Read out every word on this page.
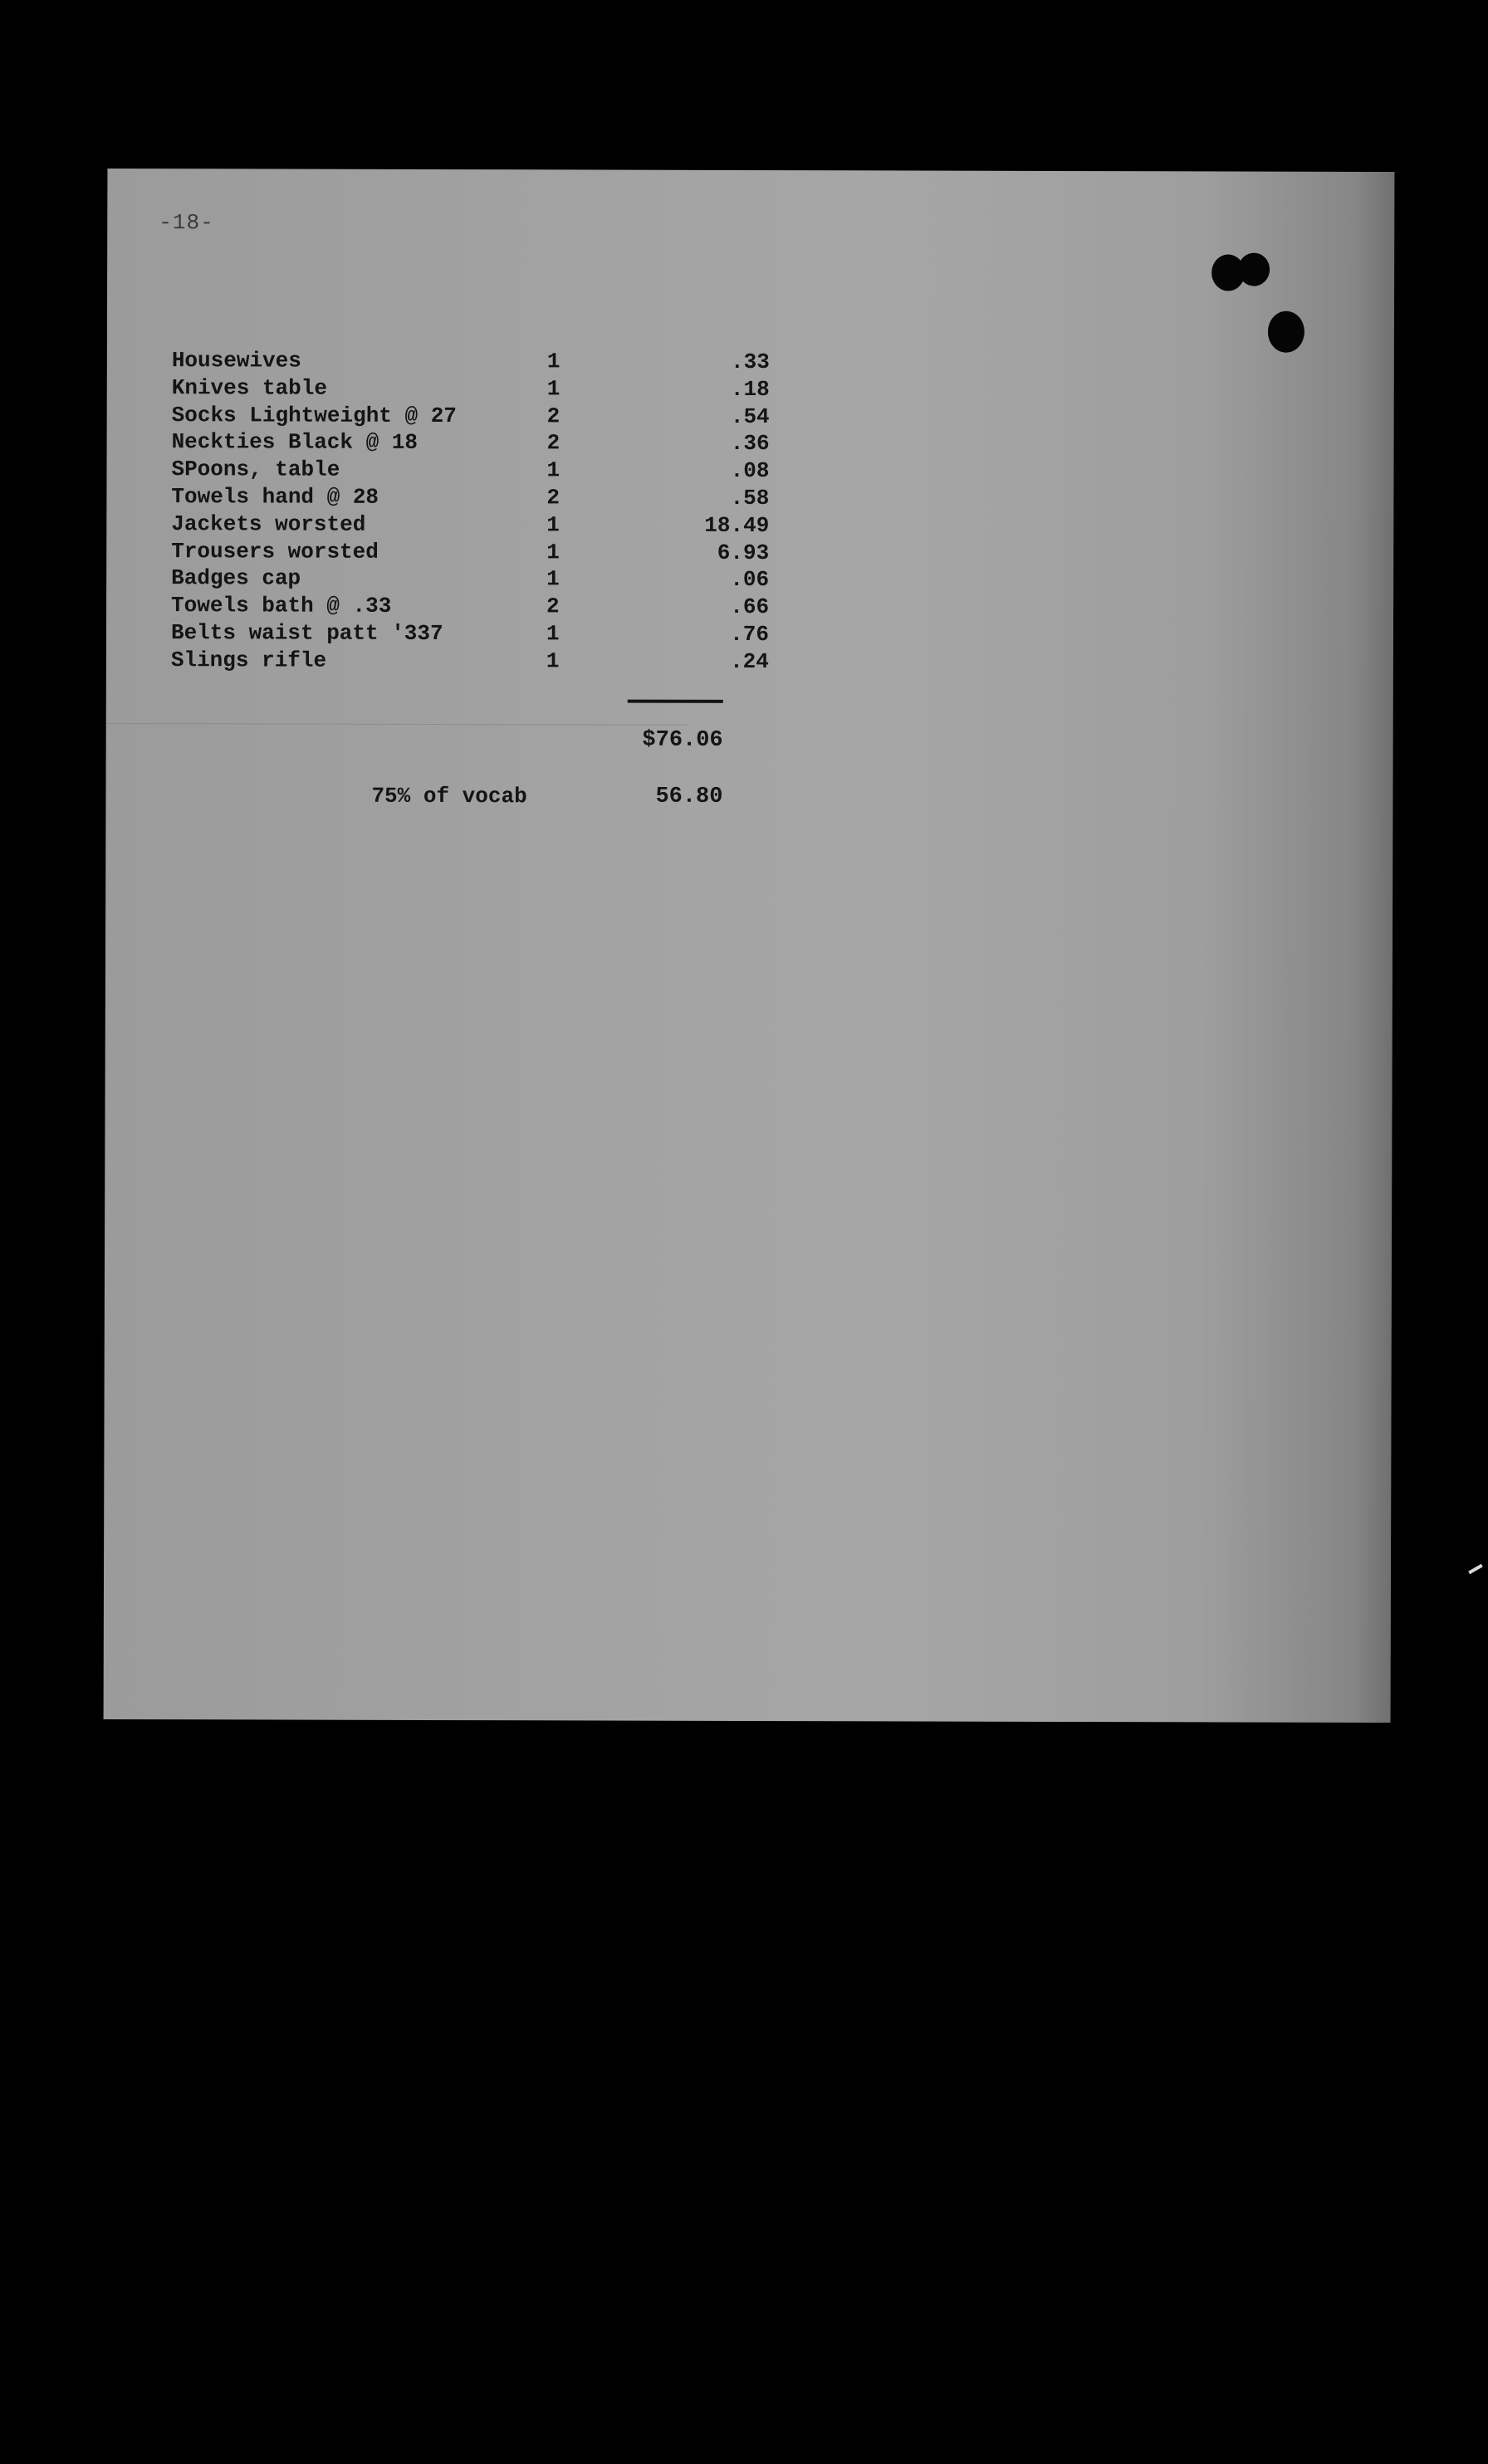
-18-
Housewives	1	.33
Knives table	1	.18
Socks Lightweight @ 27	2	.54
Neckties Black @ 18	2	.36
SPoons, table	1	.08
Towels hand @ 28	2	.58
Jackets worsted	1	18.49
Trousers worsted	1	6.93
Badges cap	1	.06
Towels bath @ .33	2	.66
Belts waist patt '337	1	.76
Slings rifle	1	.24
$76.06
75% of vocab	56.80
